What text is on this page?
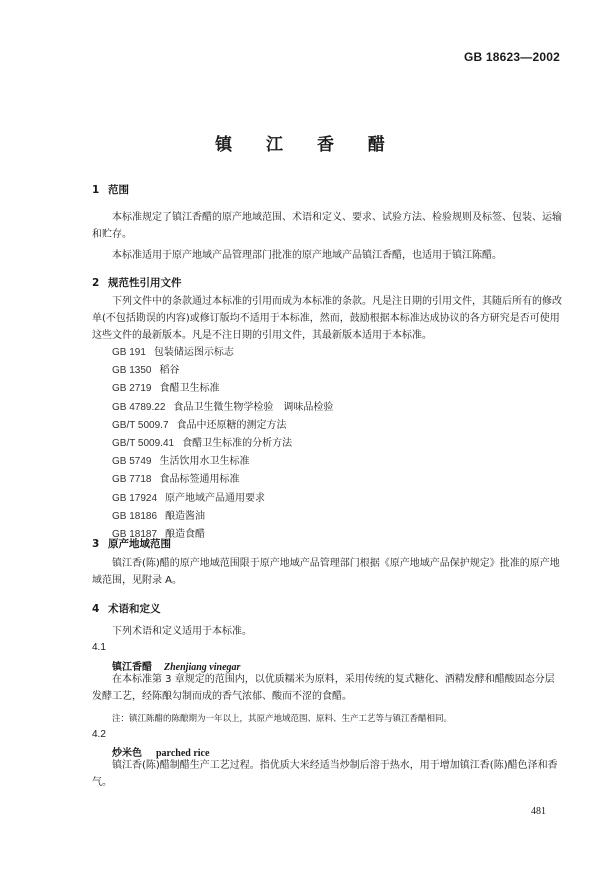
GB 18623—2002
镇 江 香 醋
1 范围
本标准规定了镇江香醋的原产地域范围、术语和定义、要求、试验方法、检验规则及标签、包装、运输和贮存。
本标准适用于原产地域产品管理部门批准的原产地域产品镇江香醋，也适用于镇江陈醋。
2 规范性引用文件
下列文件中的条款通过本标准的引用而成为本标准的条款。凡是注日期的引用文件，其随后所有的修改单(不包括勘误的内容)或修订版均不适用于本标准，然而，鼓励根据本标准达成协议的各方研究是否可使用这些文件的最新版本。凡是不注日期的引用文件，其最新版本适用于本标准。
GB 191 包装储运图示标志
GB 1350 稻谷
GB 2719 食醋卫生标准
GB 4789.22 食品卫生微生物学检验　调味品检验
GB/T 5009.7 食品中还原糖的测定方法
GB/T 5009.41 食醋卫生标准的分析方法
GB 5749 生活饮用水卫生标准
GB 7718 食品标签通用标准
GB 17924 原产地域产品通用要求
GB 18186 酿造酱油
GB 18187 酿造食醋
3 原产地域范围
镇江香(陈)醋的原产地域范围限于原产地域产品管理部门根据《原产地域产品保护规定》批准的原产地域范围，见附录 A。
4 术语和定义
下列术语和定义适用于本标准。
4.1
镇江香醋 Zhenjiang vinegar
在本标准第 3 章规定的范围内，以优质糯米为原料，采用传统的复式糖化、酒精发酵和醋酸固态分层发酵工艺，经陈酿勾制而成的香气浓郁、酸而不涩的食醋。
注：镇江陈醋的陈酿期为一年以上，其原产地域范围、原料、生产工艺等与镇江香醋相同。
4.2
炒米色 parched rice
镇江香(陈)醋制醋生产工艺过程。指优质大米经适当炒制后溶于热水，用于增加镇江香(陈)醋色泽和香气。
481
